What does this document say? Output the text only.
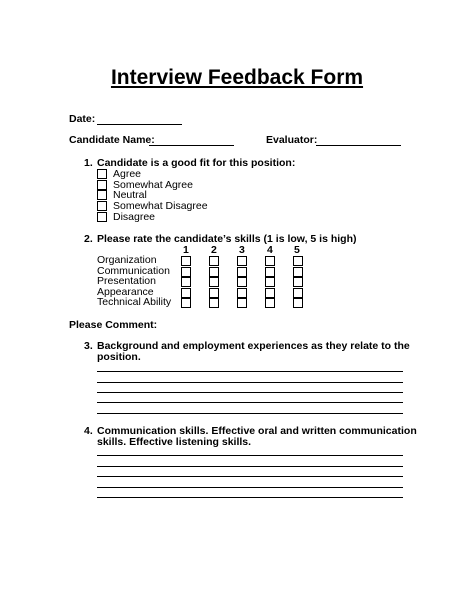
Interview Feedback Form
Date:
Candidate Name:	Evaluator:
1. Candidate is a good fit for this position:
Agree
Somewhat Agree
Neutral
Somewhat Disagree
Disagree
2. Please rate the candidate’s skills (1 is low, 5 is high)
1 2 3 4 5
Organization
Communication
Presentation
Appearance
Technical Ability
Please Comment:
3. Background and employment experiences as they relate to the
position.
4. Communication skills. Effective oral and written communication
skills. Effective listening skills.
